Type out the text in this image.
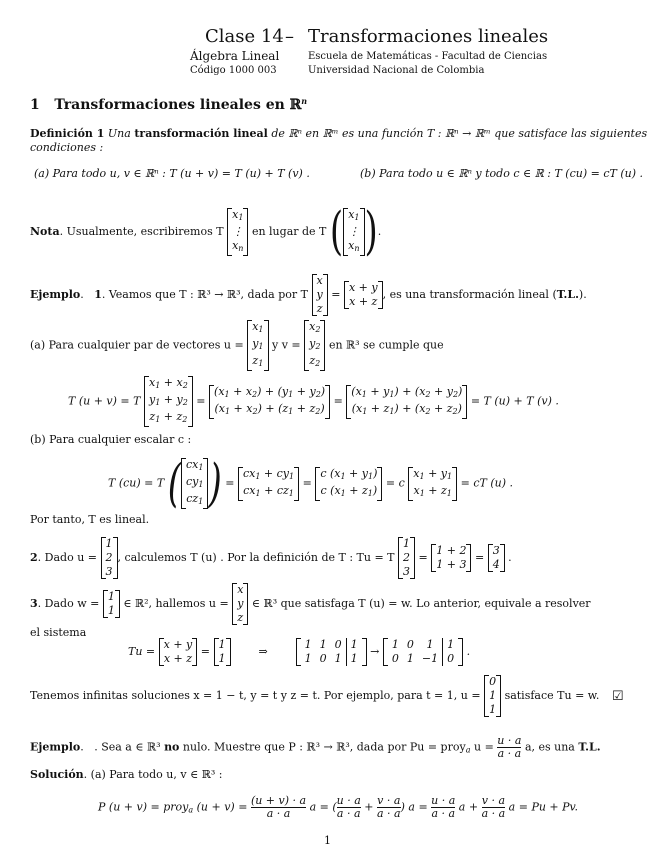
Clase 14 – Transformaciones lineales
Álgebra Lineal
Código 1000 003
Escuela de Matemáticas - Facultad de Ciencias
Universidad Nacional de Colombia
1 Transformaciones lineales en ℝ$^n$
Definición 1 Una transformación lineal de ℝⁿ en ℝᵐ es una función T : ℝⁿ → ℝᵐ que satisface las siguientes
condiciones :
(a) Para todo u, v ∈ ℝⁿ : T (u + v) = T (u) + T (v) .	(b) Para todo u ∈ ℝⁿ y todo c ∈ ℝ : T (cu) = cT (u) .
Nota. Usualmente, escribiremos T
$x_1$
⋮
$x_n$
en lugar de T ( $x_1$
⋮
$x_n$ ).
Ejemplo.   1. Veamos que T : ℝ³ → ℝ³, dada por T
x
y
z
=
x + y
x + z
, es una transformación lineal (T.L.).
(a) Para cualquier par de vectores u =
$x_1$
$y_1$
$z_1$
y v =
$x_2$
$y_2$
$z_2$
en ℝ³ se cumple que
T (u + v) = T
$x_1 + x_2$
$y_1 + y_2$
$z_1 + z_2$
=
$(x_1 + x_2) + (y_1 + y_2)$
$(x_1 + x_2) + (z_1 + z_2)$
=
$(x_1 + y_1) + (x_2 + y_2)$
$(x_1 + z_1) + (x_2 + z_2)$
= T (u) + T (v) .
(b) Para cualquier escalar c :
T (cu) = T ( $cx_1$
$cy_1$
$cz_1$ ) =
$cx_1 + cy_1$
$cx_1 + cz_1$
=
c $(x_1 + y_1)$
c $(x_1 + z_1)$
= c
$x_1 + y_1$
$x_1 + z_1$
= cT (u) .
Por tanto, T es lineal.
2. Dado u =
1
2
3
, calculemos T (u) . Por la definición de T : Tu = T
1
2
3
=
1 + 2
1 + 3
=
3
4
.
3. Dado w =
1
1
∈ ℝ², hallemos u =
x
y
z
∈ ℝ³ que satisfaga T (u) = w. Lo anterior, equivale a resolver
el sistema
Tu =
x + y
x + z
=
1
1
⇒        1	1	0	1
1	0	1	1 → 1	0	1	1
0	1	−1	0 .
Tenemos infinitas soluciones x = 1 − t, y = t y z = t. Por ejemplo, para t = 1, u =
0
1
1
satisface Tu = w. ☑
Ejemplo.   . Sea a ∈ ℝ³ no nulo. Muestre que P : ℝ³ → ℝ³, dada por Pu = proy$_a$ $u = \frac{u \cdot a}{a \cdot a} a$, es una T.L.
Solución. (a) Para todo u, v ∈ ℝ³ :
P (u + v) = proy$_a$ $(u + v) = \frac{(u + v) \cdot a}{a \cdot a}$ a = ( $\frac{u \cdot a}{a \cdot a} + \frac{v \cdot a}{a \cdot a}$ ) $a = \frac{u \cdot a}{a \cdot a}$ $a + \frac{v \cdot a}{a \cdot a}$ a = Pu + Pv.
1
